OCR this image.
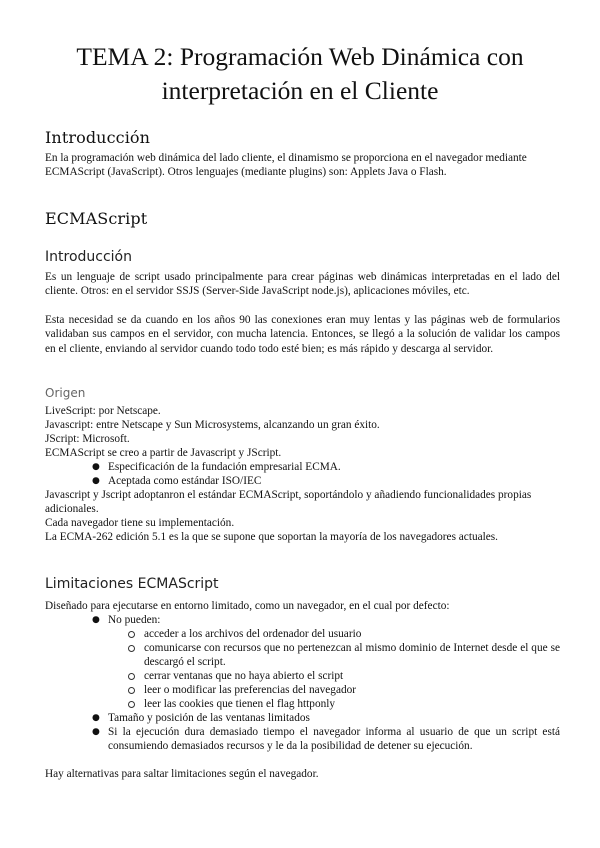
TEMA 2: Programación Web Dinámica con interpretación en el Cliente
Introducción

En la programación web dinámica del lado cliente, el dinamismo se proporciona en el navegador mediante ECMAScript (JavaScript). Otros lenguajes (mediante plugins) son: Applets Java o Flash.

ECMAScript
Introducción

Es un lenguaje de script usado principalmente para crear páginas web dinámicas interpretadas en el lado del cliente. Otros: en el servidor SSJS (Server-Side JavaScript node.js), aplicaciones móviles, etc.

Esta necesidad se da cuando en los años 90 las conexiones eran muy lentas y las páginas web de formularios validaban sus campos en el servidor, con mucha latencia. Entonces, se llegó a la solución de validar los campos en el cliente, enviando al servidor cuando todo todo esté bien; es más rápido y descarga al servidor.

Origen

LiveScript: por Netscape.

Javascript: entre Netscape y Sun Microsystems, alcanzando un gran éxito.

JScript: Microsoft.

ECMAScript se creo a partir de Javascript y JScript.

● Especificación de la fundación empresarial ECMA.

● Aceptada como estándar ISO/IEC

Javascript y Jscript adoptanron el estándar ECMAScript, soportándolo y añadiendo funcionalidades propias adicionales.

Cada navegador tiene su implementación.

La ECMA-262 edición 5.1 es la que se supone que soportan la mayoría de los navegadores actuales.

Limitaciones ECMAScript

Diseñado para ejecutarse en entorno limitado, como un navegador, en el cual por defecto:

● No pueden:

acceder a los archivos del ordenador del usuario

comunicarse con recursos que no pertenezcan al mismo dominio de Internet desde el que se descargó el script.

cerrar ventanas que no haya abierto el script

leer o modificar las preferencias del navegador

leer las cookies que tienen el flag httponly

● Tamaño y posición de las ventanas limitados

● Si la ejecución dura demasiado tiempo el navegador informa al usuario de que un script está consumiendo demasiados recursos y le da la posibilidad de detener su ejecución.

Hay alternativas para saltar limitaciones según el navegador.
